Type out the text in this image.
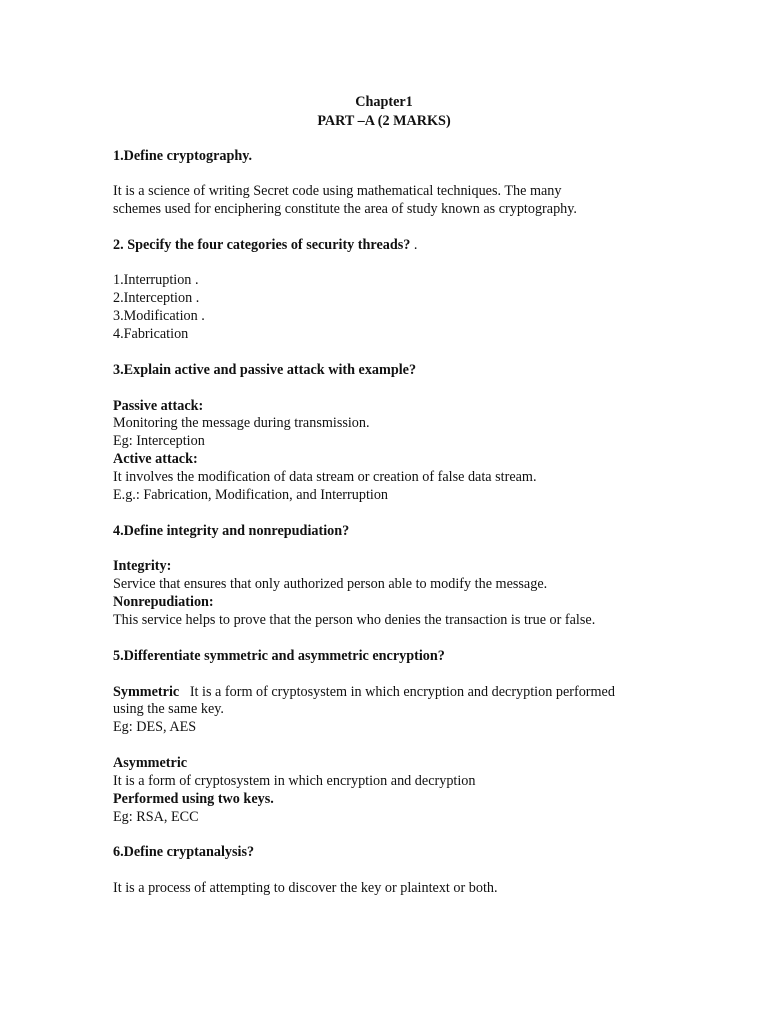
Chapter1
PART –A (2 MARKS)
1.Define cryptography.
It is a science of writing Secret code using mathematical techniques. The many
schemes used for enciphering constitute the area of study known as cryptography.
2. Specify the four categories of security threads? .
1.Interruption .
2.Interception .
3.Modification .
4.Fabrication
3.Explain active and passive attack with example?
Passive attack:
Monitoring the message during transmission.
Eg: Interception
Active attack:
It involves the modification of data stream or creation of false data stream.
E.g.: Fabrication, Modification, and Interruption
4.Define integrity and nonrepudiation?
Integrity:
Service that ensures that only authorized person able to modify the message.
Nonrepudiation:
This service helps to prove that the person who denies the transaction is true or false.
5.Differentiate symmetric and asymmetric encryption?
Symmetric   It is a form of cryptosystem in which encryption and decryption performed
using the same key.
Eg: DES, AES
Asymmetric
It is a form of cryptosystem in which encryption and decryption
Performed using two keys.
Eg: RSA, ECC
6.Define cryptanalysis?
It is a process of attempting to discover the key or plaintext or both.
